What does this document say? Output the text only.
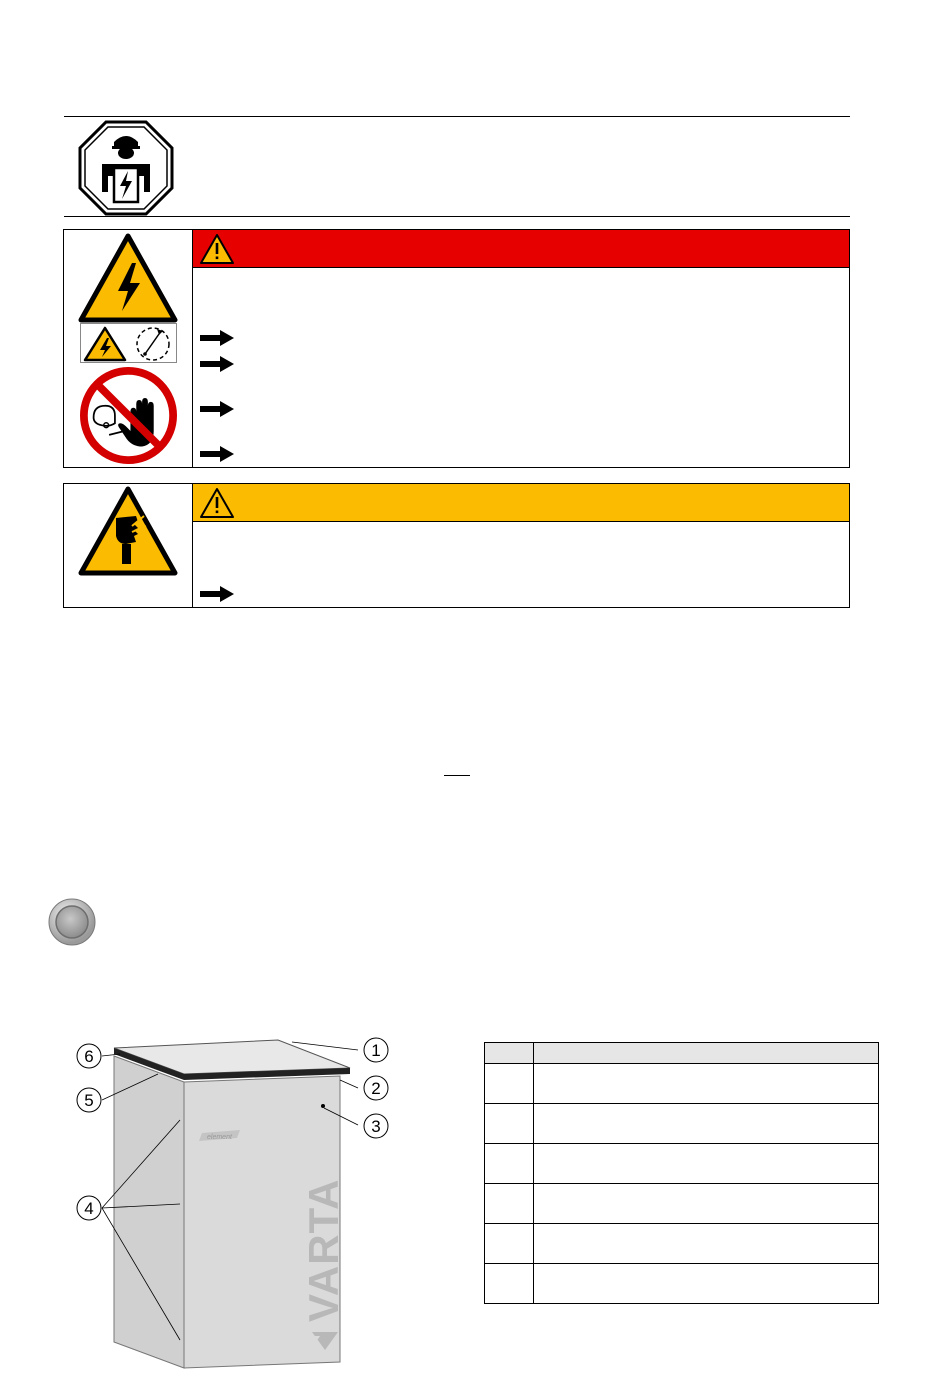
element
VARTA
1
2
3
4
5
6
